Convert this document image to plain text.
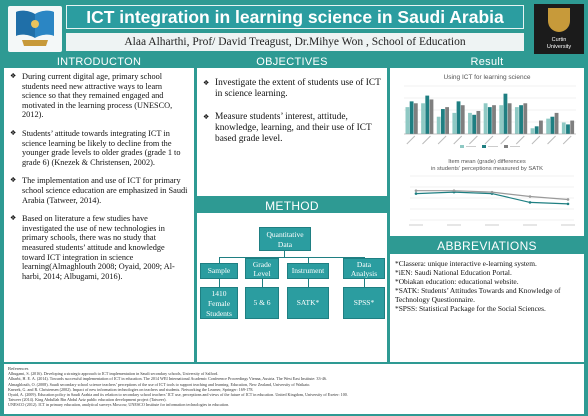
ICT integration in learning science in Saudi Arabia
Alaa Alharthi, Prof/ David Treagust, Dr.Mihye Won , School of Education	Curtin
University
INTRODUCTON
❖ During current digital age, primary school students need new attractive ways to learn science so that they remained engaged and motivated in the learning process (UNESCO, 2012).
❖ Students’ attitude towards integrating ICT in science learning be likely to decline from the younger grade levels to older grades (grade 1 to grade 6) (Knezek & Christensen, 2002).
❖ The implementation and use of ICT for primary school science education are emphasized in Saudi Arabia (Tatweer, 2014).
❖ Based on literature a few studies have investigated the use of new technologies in primary schools, there was no study that measured students’ attitude and knowledge toward ICT integration in science learning(Almaghlouth 2008; Oyaid, 2009; Al-harbi, 2014; Albugami, 2016).
OBJECTIVES
❖ Investigate the extent of students use of ICT in science learning.
❖ Measure students’ interest, attitude, knowledge, learning, and their use of ICT based grade level.
METHOD
Quantitative Data
Sample
Grade Level	Instrument
Data Analysis
1410 Female Students
5 & 6	SATK*	SPSS*
Result
Using ICT for learning science
Item mean (grade) differences in students’ perceptions measured by SATK
ABBREVIATIONS
*Classera: unique interactive e-learning system.
*iEN: Saudi National Education Portal.
*Obiakan education: educational website.
*SATK: Students’ Attitudes Towards and Knowledge of Technology Questionnaire.
*SPSS: Statistical Package for the Social Sciences.
References
Albugami, S. (2016). Developing a strategic approach to ICT implementation in Saudi secondary schools, University of Salford.
Alharbi, H. E. A. (2014). Towards successful implementation of ICT in education. The 2014 WEI International Academic Conference Proceedings Vienna, Austria. The West East Institute: 33-46.
Almaghlouth, O. (2008). Saudi secondary school science teachers’ perceptions of the use of ICT tools to support teaching and learning. Education, New Zealand, University of Waikato.
Knezek, G. and R. Christensen (2002). Impact of new information technologies on teachers and students. Networking the Learner, Springer: 169-178.
Oyaid, A. (2009). Education policy in Saudi Arabia and its relation to secondary school teachers’ ICT use, perceptions and views of the future of ICT in education. United Kingdom, University of Exeter: 100.
Tatweer (2014). King Abdullah Bin Abdul Aziz public education development project (Tatweer).
UNESCO (2012). ICT in primary education, analytical surveys Moscow, UNESCO Institute for information technologies in education.
